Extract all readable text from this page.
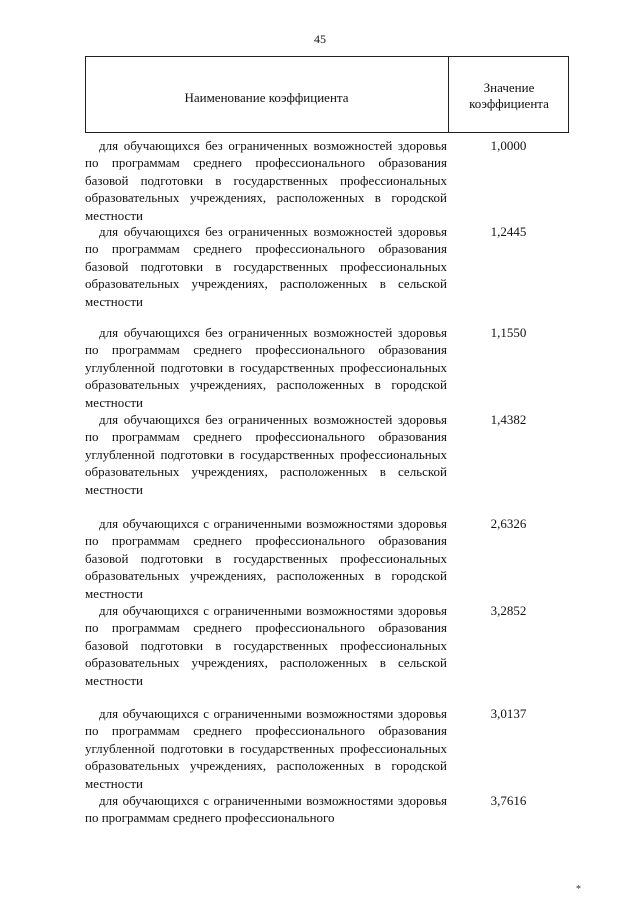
45
Наименование коэффициента
Значение
коэффициента
для обучающихся без ограниченных возможностей здоровья по программам среднего профессионального образования базовой подготовки в государственных профессиональных образовательных учреждениях, расположенных в городской местности
1,0000
для обучающихся без ограниченных возможностей здоровья по программам среднего профессионального образования базовой подготовки в государственных профессиональных образовательных учреждениях, расположенных в сельской местности
1,2445
для обучающихся без ограниченных возможностей здоровья по программам среднего профессионального образования углубленной подготовки в государственных профессиональных образовательных учреждениях, расположенных в городской местности
1,1550
для обучающихся без ограниченных возможностей здоровья по программам среднего профессионального образования углубленной подготовки в государственных профессиональных образовательных учреждениях, расположенных в сельской местности
1,4382
для обучающихся с ограниченными возможностями здоровья по программам среднего профессионального образования базовой подготовки в государственных профессиональных образовательных учреждениях, расположенных в городской местности
2,6326
для обучающихся с ограниченными возможностями здоровья по программам среднего профессионального образования базовой подготовки в государственных профессиональных образовательных учреждениях, расположенных в сельской местности
3,2852
для обучающихся с ограниченными возможностями здоровья по программам среднего профессионального образования углубленной подготовки в государственных профессиональных образовательных учреждениях, расположенных в городской местности
3,0137
для обучающихся с ограниченными возможностями здоровья по программам среднего профессионального
3,7616
*
